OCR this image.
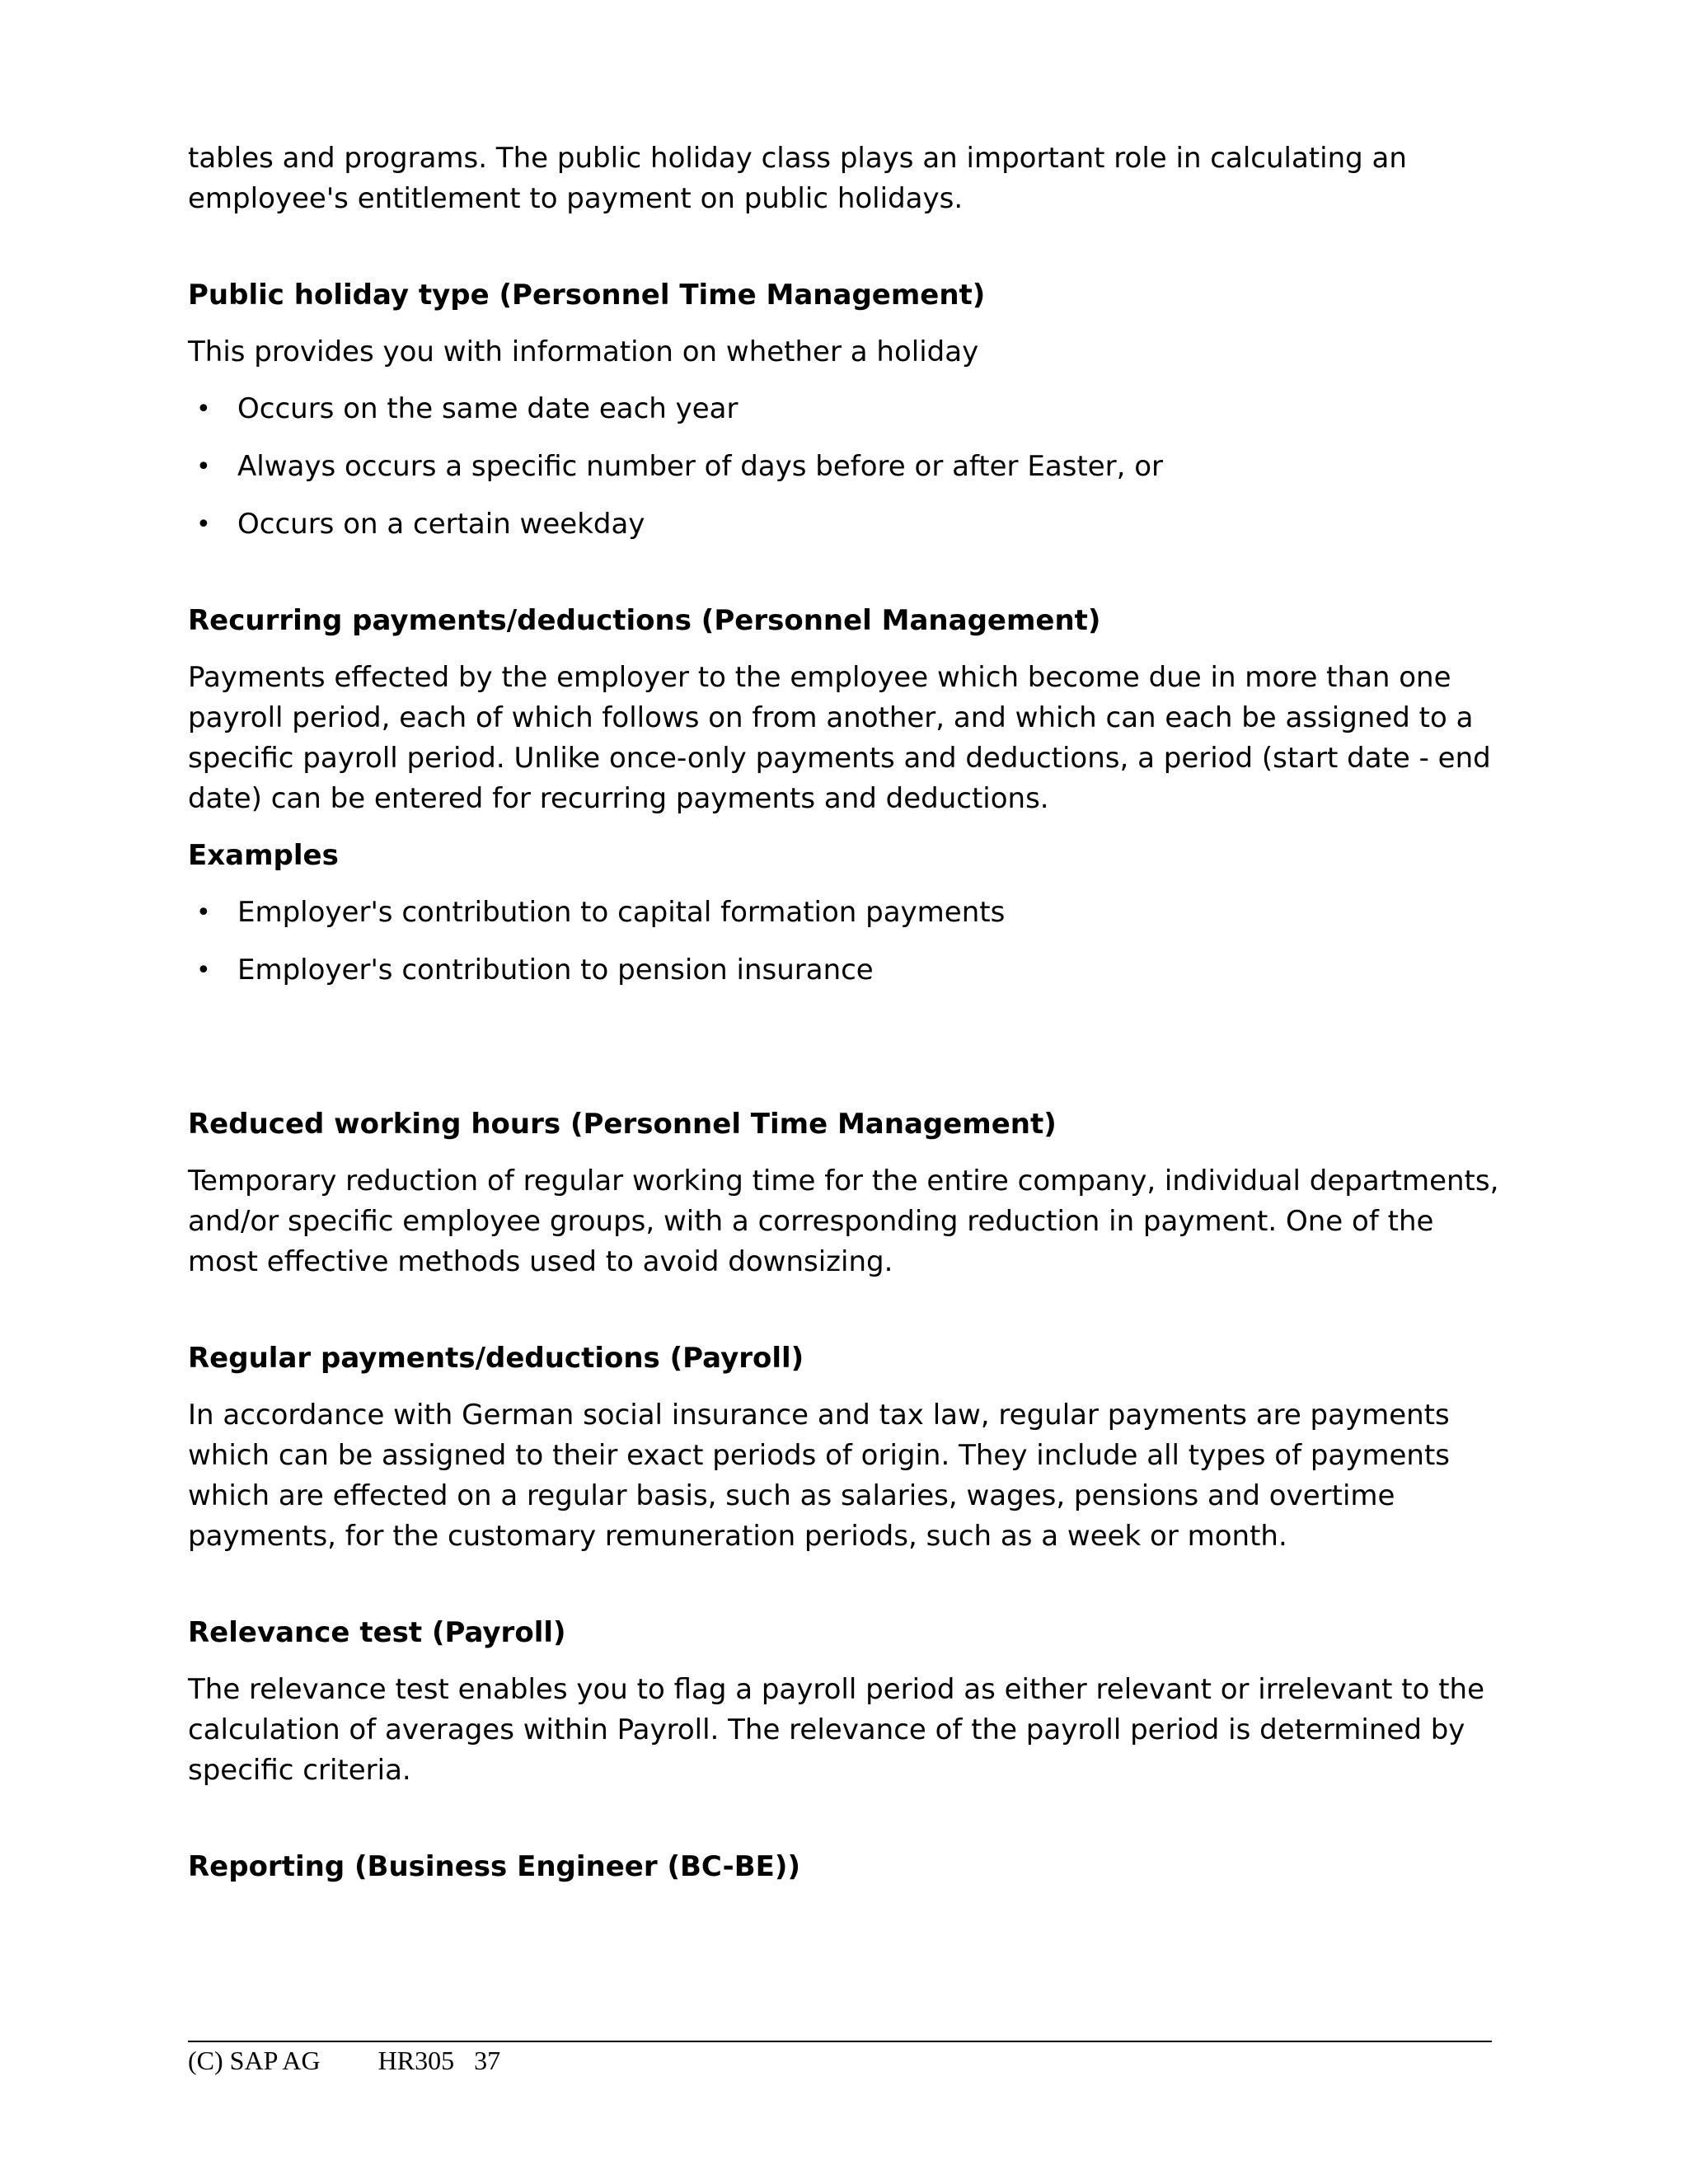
tables and programs. The public holiday class plays an important role in calculating an employee's entitlement to payment on public holidays.

Public holiday type (Personnel Time Management)

This provides you with information on whether a holiday

• Occurs on the same date each year
• Always occurs a specific number of days before or after Easter, or
• Occurs on a certain weekday
Recurring payments/deductions (Personnel Management)

Payments effected by the employer to the employee which become due in more than one payroll period, each of which follows on from another, and which can each be assigned to a specific payroll period. Unlike once-only payments and deductions, a period (start date - end date) can be entered for recurring payments and deductions.

Examples
• Employer's contribution to capital formation payments
• Employer's contribution to pension insurance
Reduced working hours (Personnel Time Management)

Temporary reduction of regular working time for the entire company, individual departments, and/or specific employee groups, with a corresponding reduction in payment. One of the most effective methods used to avoid downsizing.

Regular payments/deductions (Payroll)

In accordance with German social insurance and tax law, regular payments are payments which can be assigned to their exact periods of origin. They include all types of payments which are effected on a regular basis, such as salaries, wages, pensions and overtime payments, for the customary remuneration periods, such as a week or month.

Relevance test (Payroll)

The relevance test enables you to flag a payroll period as either relevant or irrelevant to the calculation of averages within Payroll. The relevance of the payroll period is determined by specific criteria.

Reporting (Business Engineer (BC-BE))
(C) SAP AG HR305 37
